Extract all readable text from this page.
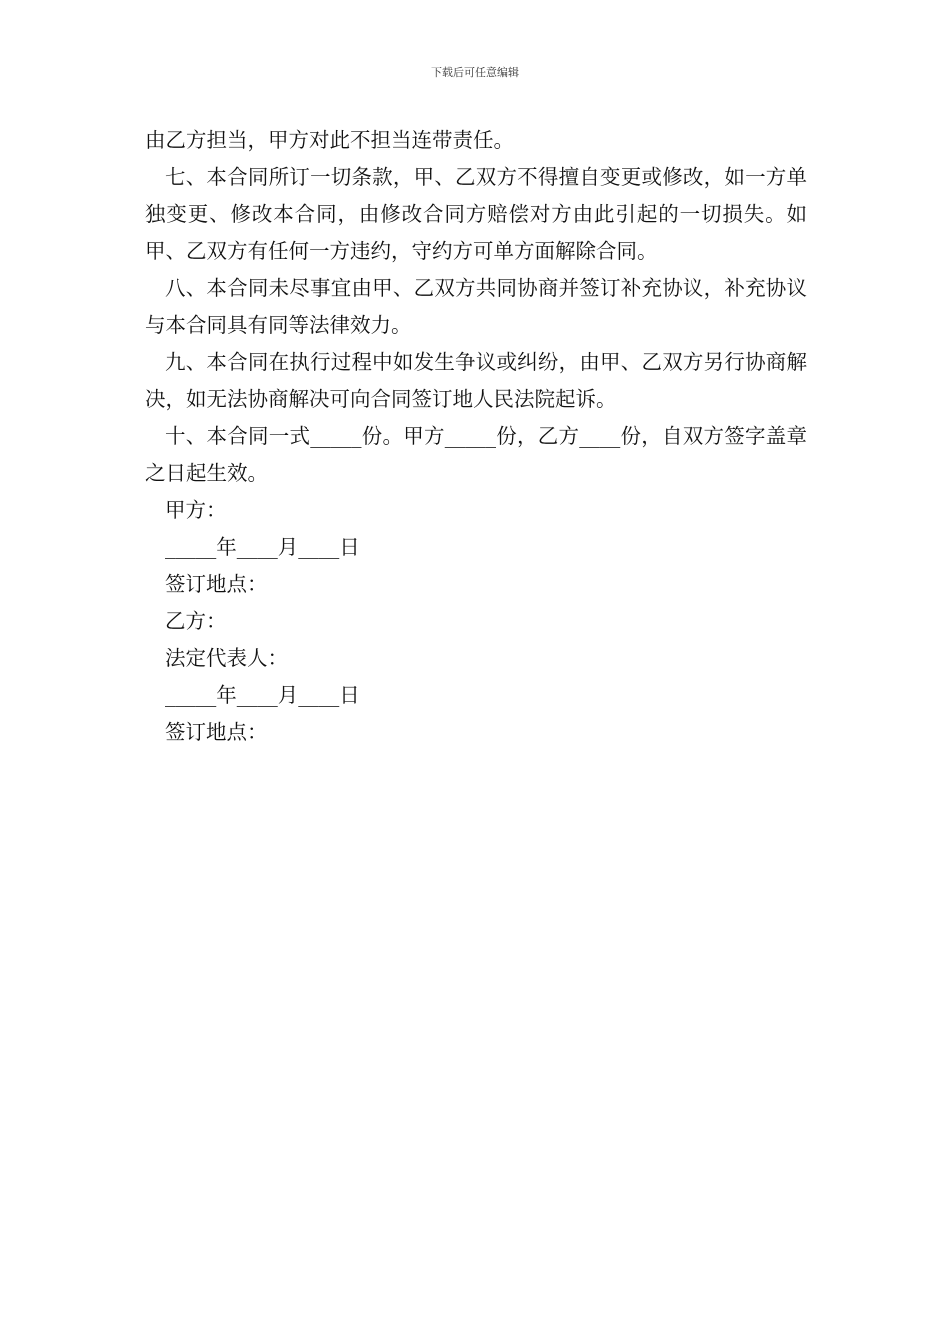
下载后可任意编辑

由乙方担当，甲方对此不担当连带责任。

七、本合同所订一切条款，甲、乙双方不得擅自变更或修改，如一方单独变更、修改本合同，由修改合同方赔偿对方由此引起的一切损失。如甲、乙双方有任何一方违约，守约方可单方面解除合同。

八、本合同未尽事宜由甲、乙双方共同协商并签订补充协议，补充协议与本合同具有同等法律效力。

九、本合同在执行过程中如发生争议或纠纷，由甲、乙双方另行协商解决，如无法协商解决可向合同签订地人民法院起诉。

十、本合同一式_____份。甲方_____份，乙方____份，自双方签字盖章之日起生效。

甲方：

_____年____月____日

签订地点：

乙方：

法定代表人：

_____年____月____日

签订地点：
